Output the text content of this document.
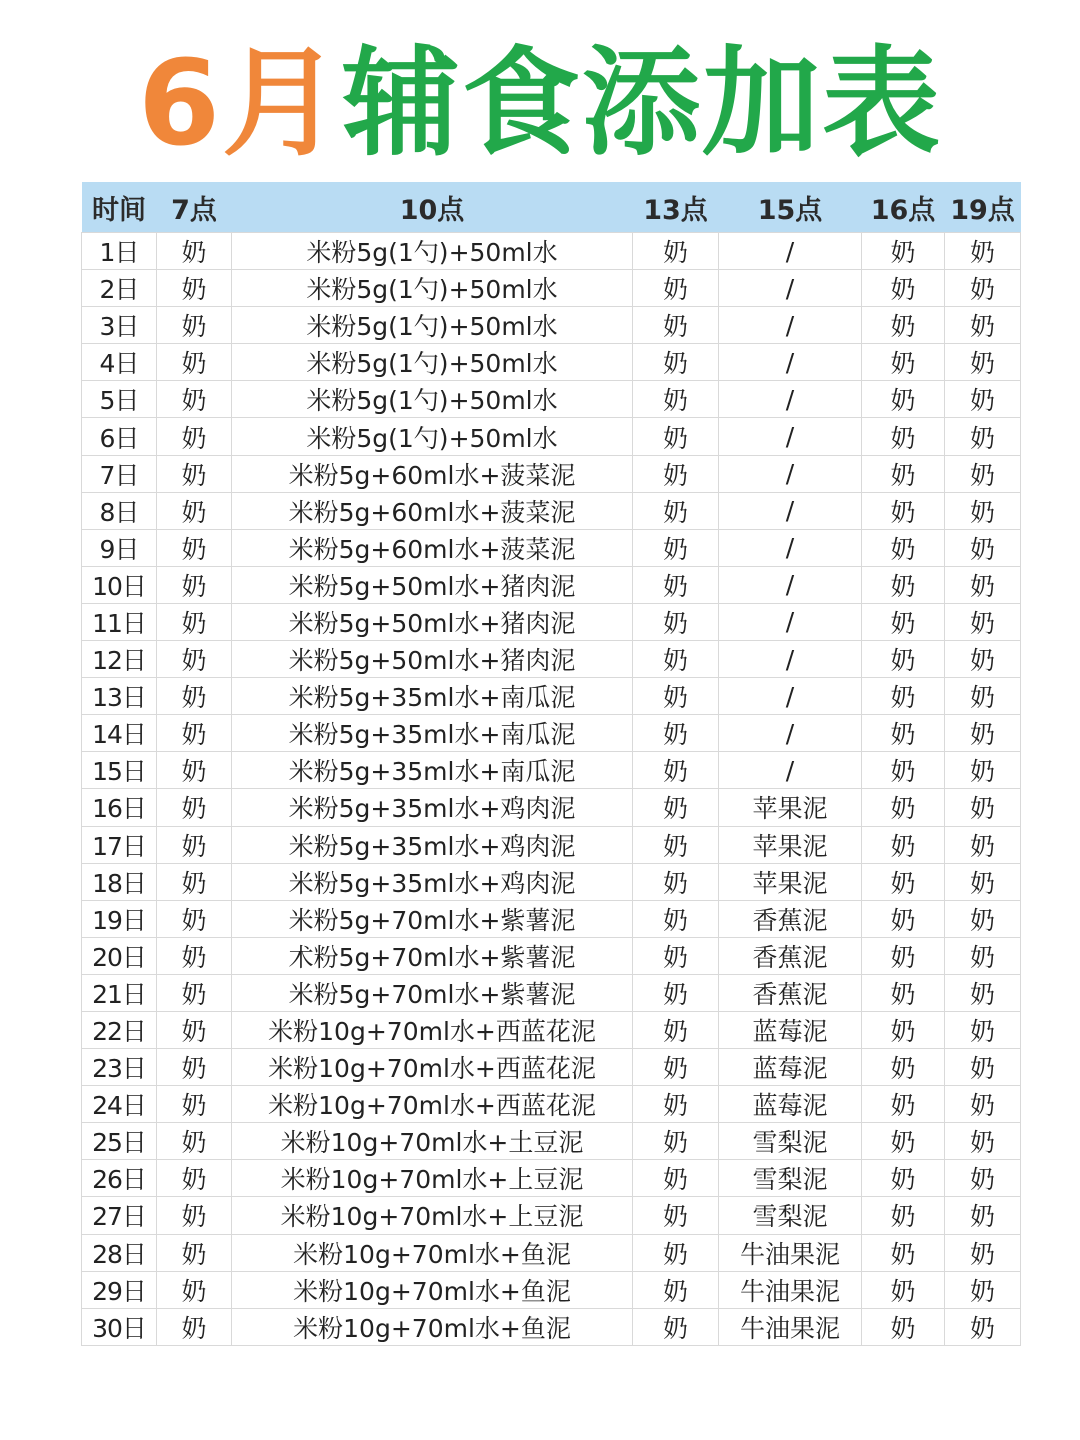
6月辅食添加表
时间	7点	10点	13点	15点	16点	19点
1日	奶	米粉5g(1勺)+50ml水	奶	/	奶	奶
2日	奶	米粉5g(1勺)+50ml水	奶	/	奶	奶
3日	奶	米粉5g(1勺)+50ml水	奶	/	奶	奶
4日	奶	米粉5g(1勺)+50ml水	奶	/	奶	奶
5日	奶	米粉5g(1勺)+50ml水	奶	/	奶	奶
6日	奶	米粉5g(1勺)+50ml水	奶	/	奶	奶
7日	奶	米粉5g+60ml水+菠菜泥	奶	/	奶	奶
8日	奶	米粉5g+60ml水+菠菜泥	奶	/	奶	奶
9日	奶	米粉5g+60ml水+菠菜泥	奶	/	奶	奶
10日	奶	米粉5g+50ml水+猪肉泥	奶	/	奶	奶
11日	奶	米粉5g+50ml水+猪肉泥	奶	/	奶	奶
12日	奶	米粉5g+50ml水+猪肉泥	奶	/	奶	奶
13日	奶	米粉5g+35ml水+南瓜泥	奶	/	奶	奶
14日	奶	米粉5g+35ml水+南瓜泥	奶	/	奶	奶
15日	奶	米粉5g+35ml水+南瓜泥	奶	/	奶	奶
16日	奶	米粉5g+35ml水+鸡肉泥	奶	苹果泥	奶	奶
17日	奶	米粉5g+35ml水+鸡肉泥	奶	苹果泥	奶	奶
18日	奶	米粉5g+35ml水+鸡肉泥	奶	苹果泥	奶	奶
19日	奶	米粉5g+70ml水+紫薯泥	奶	香蕉泥	奶	奶
20日	奶	术粉5g+70ml水+紫薯泥	奶	香蕉泥	奶	奶
21日	奶	米粉5g+70ml水+紫薯泥	奶	香蕉泥	奶	奶
22日	奶	米粉10g+70ml水+西蓝花泥	奶	蓝莓泥	奶	奶
23日	奶	米粉10g+70ml水+西蓝花泥	奶	蓝莓泥	奶	奶
24日	奶	米粉10g+70ml水+西蓝花泥	奶	蓝莓泥	奶	奶
25日	奶	米粉10g+70ml水+土豆泥	奶	雪梨泥	奶	奶
26日	奶	米粉10g+70ml水+上豆泥	奶	雪梨泥	奶	奶
27日	奶	米粉10g+70ml水+上豆泥	奶	雪梨泥	奶	奶
28日	奶	米粉10g+70ml水+鱼泥	奶	牛油果泥	奶	奶
29日	奶	米粉10g+70ml水+鱼泥	奶	牛油果泥	奶	奶
30日	奶	米粉10g+70ml水+鱼泥	奶	牛油果泥	奶	奶
